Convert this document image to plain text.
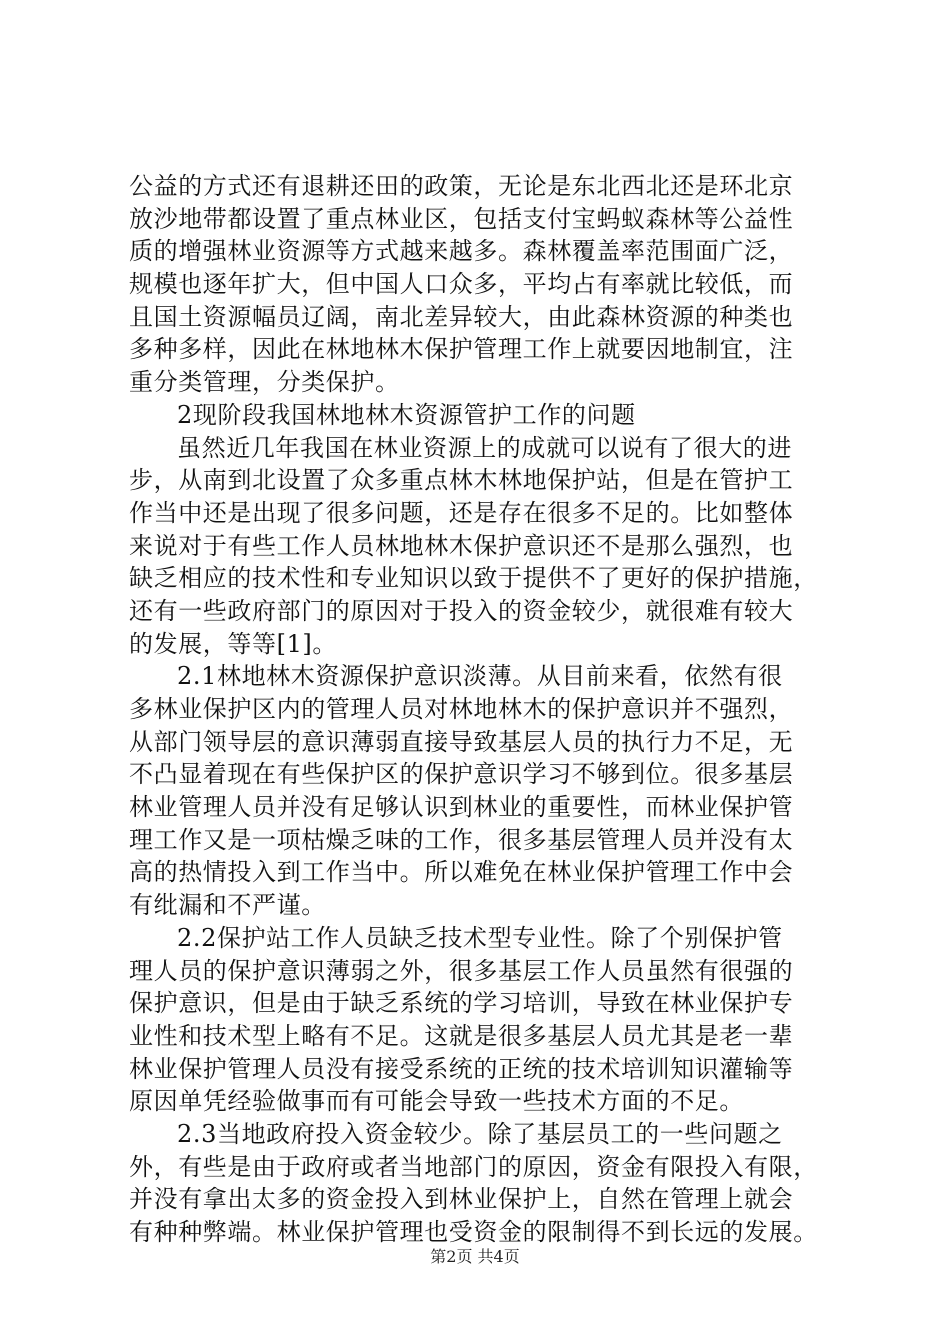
公益的方式还有退耕还田的政策，无论是东北西北还是环北京
放沙地带都设置了重点林业区，包括支付宝蚂蚁森林等公益性
质的增强林业资源等方式越来越多。森林覆盖率范围面广泛，
规模也逐年扩大，但中国人口众多，平均占有率就比较低，而
且国土资源幅员辽阔，南北差异较大，由此森林资源的种类也
多种多样，因此在林地林木保护管理工作上就要因地制宜，注
重分类管理，分类保护。
2现阶段我国林地林木资源管护工作的问题
虽然近几年我国在林业资源上的成就可以说有了很大的进
步，从南到北设置了众多重点林木林地保护站，但是在管护工
作当中还是出现了很多问题，还是存在很多不足的。比如整体
来说对于有些工作人员林地林木保护意识还不是那么强烈，也
缺乏相应的技术性和专业知识以致于提供不了更好的保护措施，
还有一些政府部门的原因对于投入的资金较少，就很难有较大
的发展，等等[1]。
2.1林地林木资源保护意识淡薄。从目前来看，依然有很
多林业保护区内的管理人员对林地林木的保护意识并不强烈，
从部门领导层的意识薄弱直接导致基层人员的执行力不足，无
不凸显着现在有些保护区的保护意识学习不够到位。很多基层
林业管理人员并没有足够认识到林业的重要性，而林业保护管
理工作又是一项枯燥乏味的工作，很多基层管理人员并没有太
高的热情投入到工作当中。所以难免在林业保护管理工作中会
有纰漏和不严谨。
2.2保护站工作人员缺乏技术型专业性。除了个别保护管
理人员的保护意识薄弱之外，很多基层工作人员虽然有很强的
保护意识，但是由于缺乏系统的学习培训，导致在林业保护专
业性和技术型上略有不足。这就是很多基层人员尤其是老一辈
林业保护管理人员没有接受系统的正统的技术培训知识灌输等
原因单凭经验做事而有可能会导致一些技术方面的不足。
2.3当地政府投入资金较少。除了基层员工的一些问题之
外，有些是由于政府或者当地部门的原因，资金有限投入有限，
并没有拿出太多的资金投入到林业保护上，自然在管理上就会
有种种弊端。林业保护管理也受资金的限制得不到长远的发展。
第2页 共4页
